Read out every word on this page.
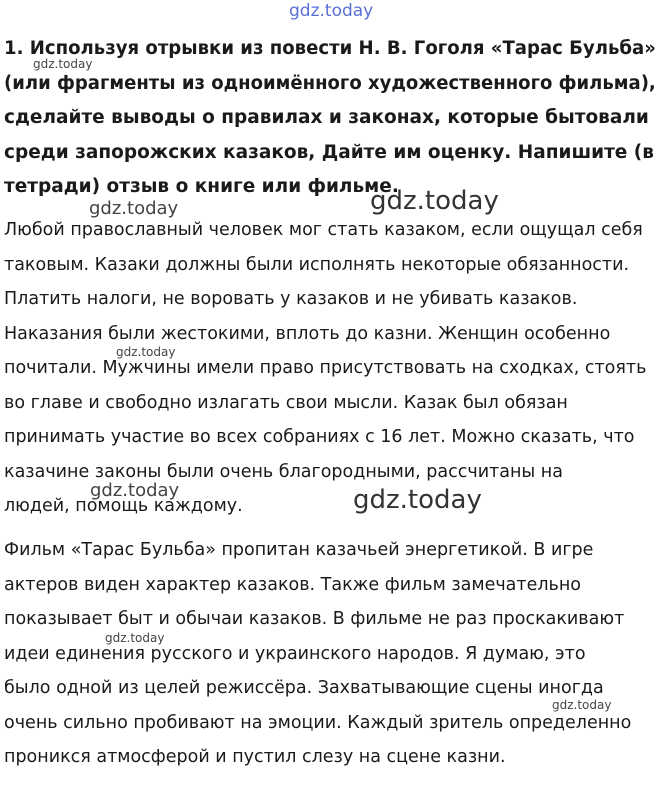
gdz.today
1. Используя отрывки из повести Н. В. Гоголя «Тарас Бульба»
(или фрагменты из одноимённого художественного фильма),
сделайте выводы о правилах и законах, которые бытовали
среди запорожских казаков, Дайте им оценку. Напишите (в
тетради) отзыв о книге или фильме.
Любой православный человек мог стать казаком, если ощущал себя
таковым. Казаки должны были исполнять некоторые обязанности.
Платить налоги, не воровать у казаков и не убивать казаков.
Наказания были жестокими, вплоть до казни. Женщин особенно
почитали. Мужчины имели право присутствовать на сходках, стоять
во главе и свободно излагать свои мысли. Казак был обязан
принимать участие во всех собраниях с 16 лет. Можно сказать, что
казачине законы были очень благородными, рассчитаны на
людей, помощь каждому.
Фильм «Тарас Бульба» пропитан казачьей энергетикой. В игре
актеров виден характер казаков. Также фильм замечательно
показывает быт и обычаи казаков. В фильме не раз проскакивают
идеи единения русского и украинского народов. Я думаю, это
было одной из целей режиссёра. Захватывающие сцены иногда
очень сильно пробивают на эмоции. Каждый зритель определенно
проникся атмосферой и пустил слезу на сцене казни.
gdz.today
gdz.today	gdz.today
gdz.today
gdz.today	gdz.today
gdz.today
gdz.today
